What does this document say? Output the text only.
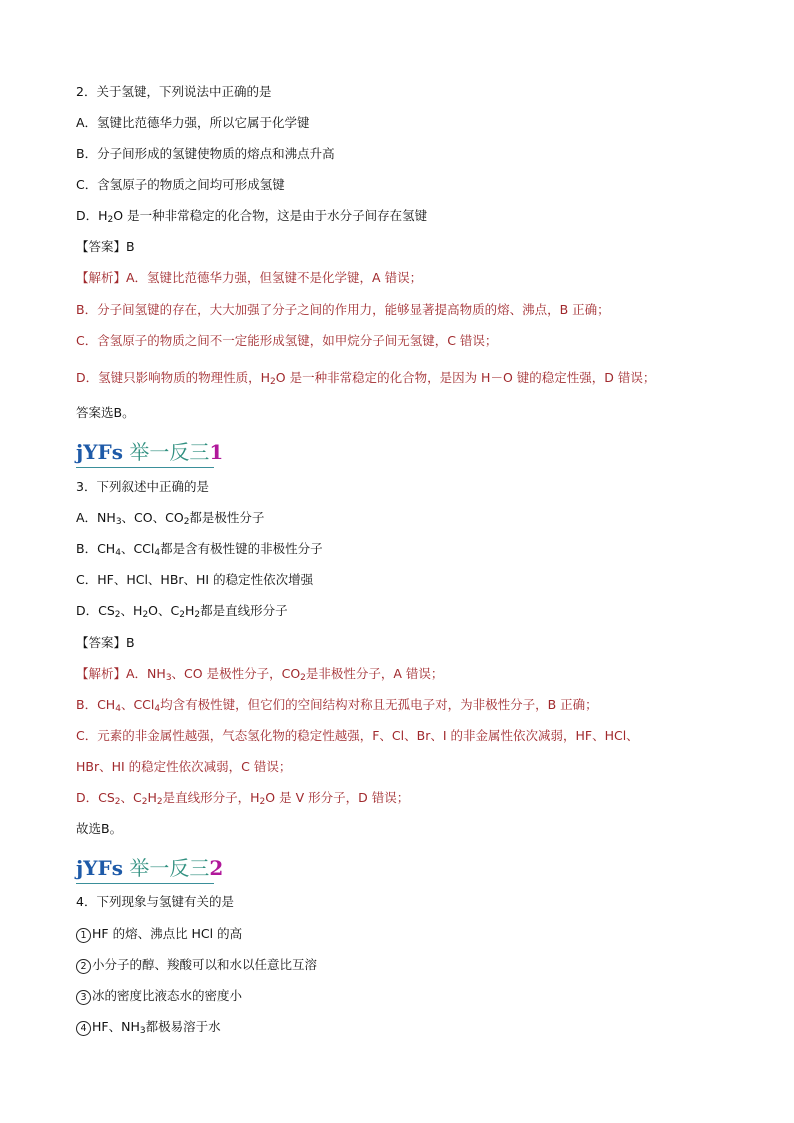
2．关于氢键，下列说法中正确的是
A．氢键比范德华力强，所以它属于化学键
B．分子间形成的氢键使物质的熔点和沸点升高
C．含氢原子的物质之间均可形成氢键
D．$H_2O$ 是一种非常稳定的化合物，这是由于水分子间存在氢键
【答案】B
【解析】A．氢键比范德华力强，但氢键不是化学键，A 错误；
B．分子间氢键的存在，大大加强了分子之间的作用力，能够显著提高物质的熔、沸点，B 正确；
C．含氢原子的物质之间不一定能形成氢键，如甲烷分子间无氢键，C 错误；
D．氢键只影响物质的物理性质，$H_2O$ 是一种非常稳定的化合物，是因为 H－O 键的稳定性强，D 错误；
答案选B。
jYFs 举一反三1
3．下列叙述中正确的是
A．$NH_3$、CO、$CO_2$都是极性分子
B．$CH_4$、CCl$_4$都是含有极性键的非极性分子
C．HF、HCl、HBr、HI 的稳定性依次增强
D．$CS_2$、$H_2O$、$C_2H_2$都是直线形分子
【答案】B
【解析】A．$NH_3$、CO 是极性分子，$CO_2$是非极性分子，A 错误；
B．$CH_4$、CCl$_4$均含有极性键，但它们的空间结构对称且无孤电子对，为非极性分子，B 正确；
C．元素的非金属性越强，气态氢化物的稳定性越强，F、Cl、Br、I 的非金属性依次减弱，HF、HCl、
HBr、HI 的稳定性依次减弱，C 错误；
D．$CS_2$、$C_2H_2$是直线形分子，$H_2O$ 是 V 形分子，D 错误；
故选B。
jYFs 举一反三2
4．下列现象与氢键有关的是
1 HF 的熔、沸点比 HCl 的高
2 小分子的醇、羧酸可以和水以任意比互溶
3 冰的密度比液态水的密度小
4 HF、$NH_3$都极易溶于水
